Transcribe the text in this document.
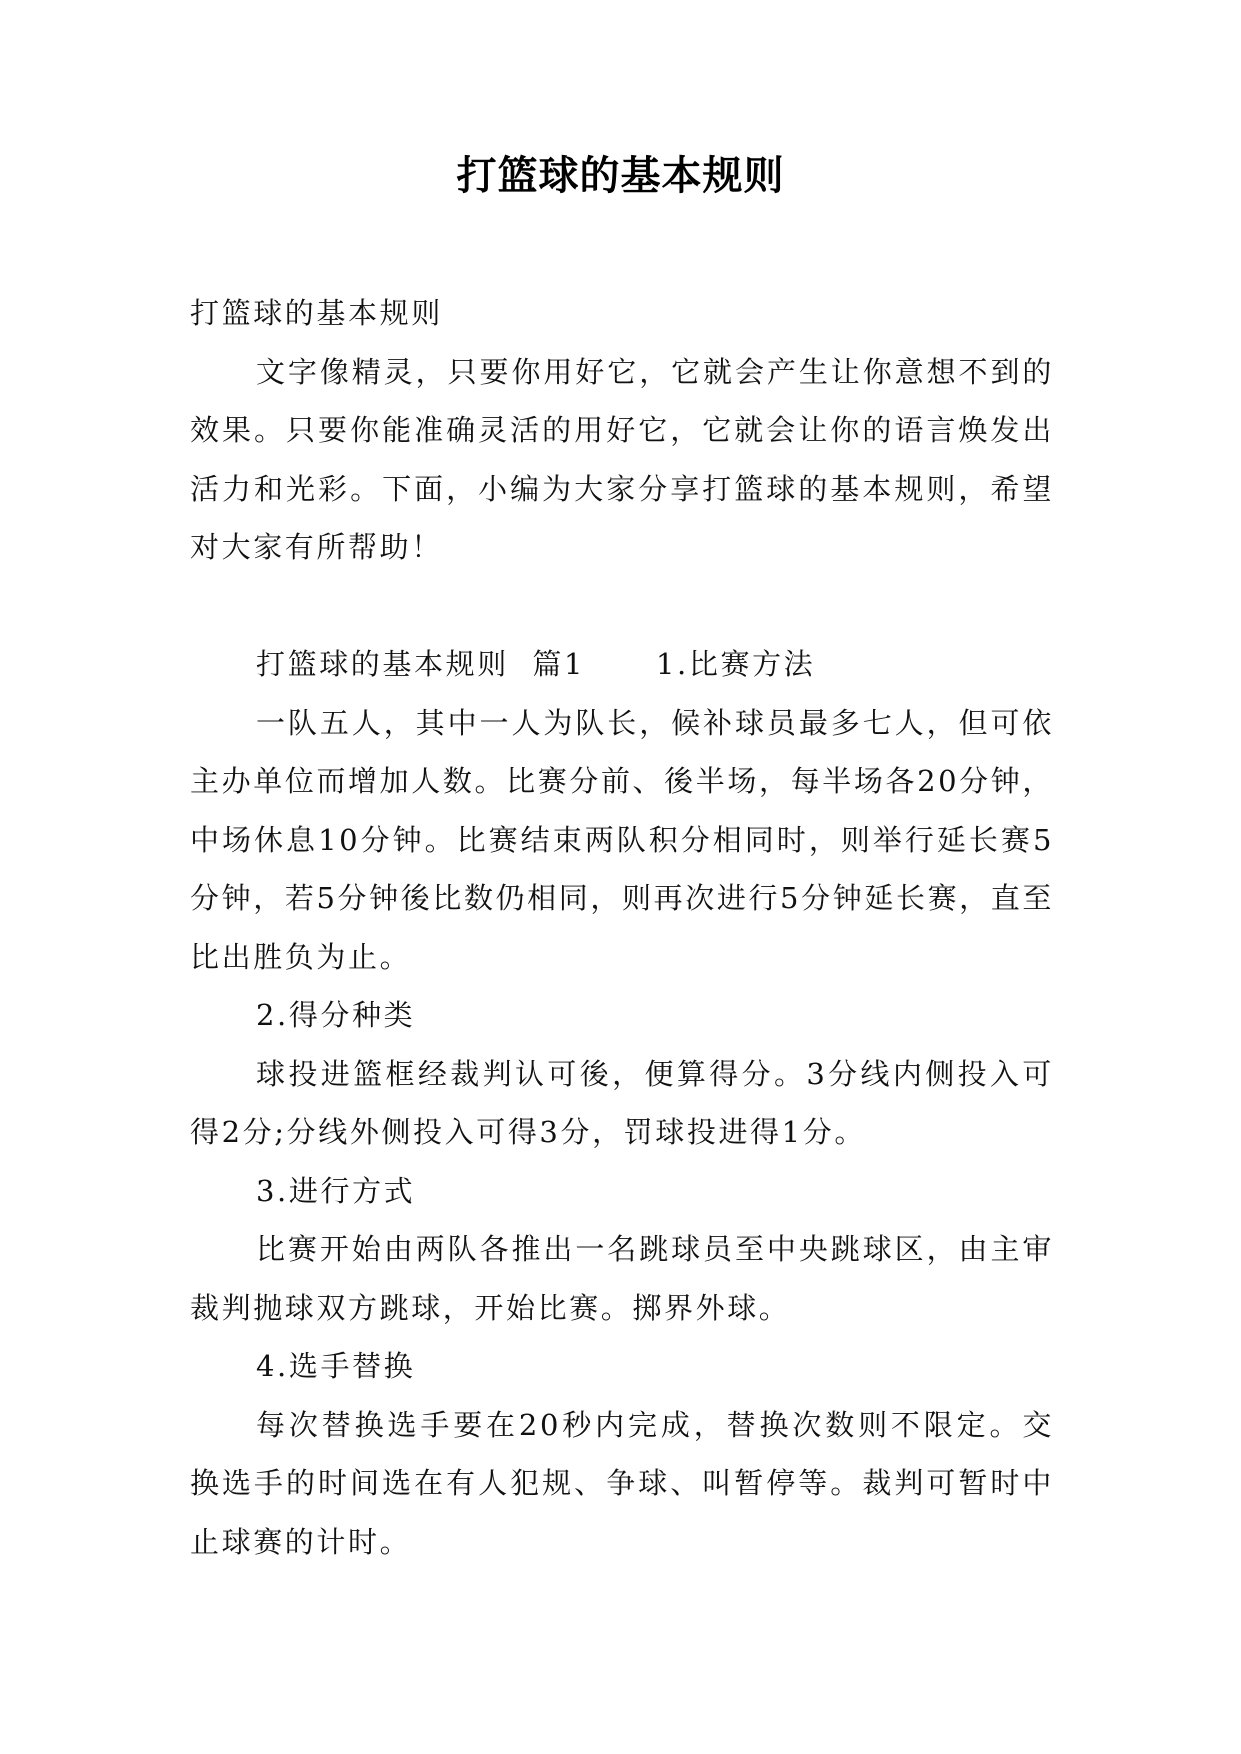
打篮球的基本规则

打篮球的基本规则

文字像精灵，只要你用好它，它就会产生让你意想不到的效果。只要你能准确灵活的用好它，它就会让你的语言焕发出活力和光彩。下面，小编为大家分享打篮球的基本规则，希望对大家有所帮助！

打篮球的基本规则  篇1      1.比赛方法

一队五人，其中一人为队长，候补球员最多七人，但可依主办单位而增加人数。比赛分前、後半场，每半场各20分钟，中场休息10分钟。比赛结束两队积分相同时，则举行延长赛5分钟，若5分钟後比数仍相同，则再次进行5分钟延长赛，直至比出胜负为止。

2.得分种类

球投进篮框经裁判认可後，便算得分。3分线内侧投入可得2分;分线外侧投入可得3分，罚球投进得1分。

3.进行方式

比赛开始由两队各推出一名跳球员至中央跳球区，由主审裁判抛球双方跳球，开始比赛。掷界外球。

4.选手替换

每次替换选手要在20秒内完成，替换次数则不限定。交换选手的时间选在有人犯规、争球、叫暂停等。裁判可暂时中止球赛的计时。
